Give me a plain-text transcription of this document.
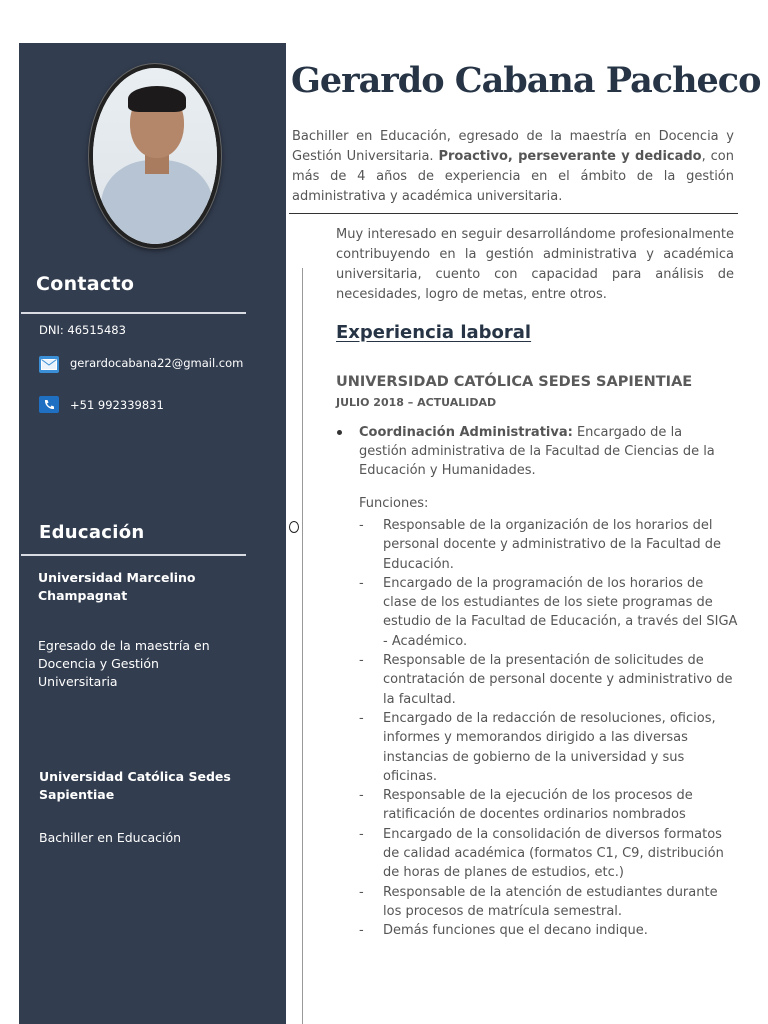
Contacto
DNI: 46515483
gerardocabana22@gmail.com
+51 992339831
Educación
Universidad Marcelino Champagnat
Egresado de la maestría en Docencia y Gestión Universitaria
Universidad Católica Sedes Sapientiae
Bachiller en Educación
Gerardo Cabana Pacheco
Bachiller en Educación, egresado de la maestría en Docencia y Gestión Universitaria. Proactivo, perseverante y dedicado, con más de 4 años de experiencia en el ámbito de la gestión administrativa y académica universitaria.
Muy interesado en seguir desarrollándome profesionalmente contribuyendo en la gestión administrativa y académica universitaria, cuento con capacidad para análisis de necesidades, logro de metas, entre otros.
Experiencia laboral
UNIVERSIDAD CATÓLICA SEDES SAPIENTIAE
JULIO 2018 – ACTUALIDAD
Coordinación Administrativa: Encargado de la gestión administrativa de la Facultad de Ciencias de la Educación y Humanidades.
Funciones:
- Responsable de la organización de los horarios del personal docente y administrativo de la Facultad de Educación.
- Encargado de la programación de los horarios de clase de los estudiantes de los siete programas de estudio de la Facultad de Educación, a través del SIGA - Académico.
- Responsable de la presentación de solicitudes de contratación de personal docente y administrativo de la facultad.
- Encargado de la redacción de resoluciones, oficios, informes y memorandos dirigido a las diversas instancias de gobierno de la universidad y sus oficinas.
- Responsable de la ejecución de los procesos de ratificación de docentes ordinarios nombrados
- Encargado de la consolidación de diversos formatos de calidad académica (formatos C1, C9, distribución de horas de planes de estudios, etc.)
- Responsable de la atención de estudiantes durante los procesos de matrícula semestral.
- Demás funciones que el decano indique.
